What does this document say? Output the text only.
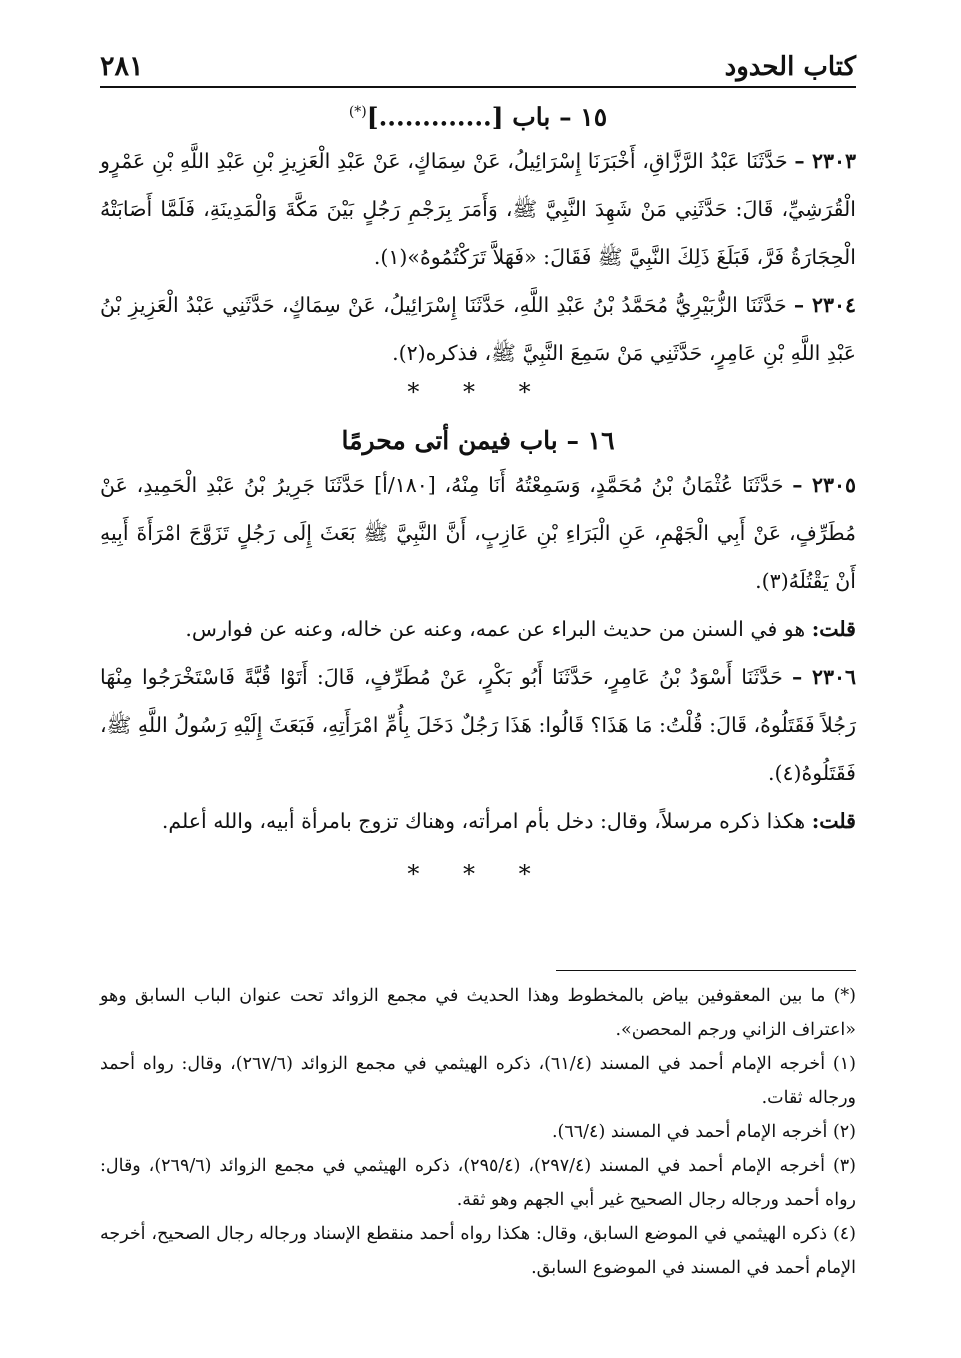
كتاب الحدود
٢٨١
١٥ – باب [.............](*)

٢٣٠٣ – حَدَّثَنَا عَبْدُ الرَّزَّاقِ، أَخْبَرَنَا إِسْرَائِيلُ، عَنْ سِمَاكٍ، عَنْ عَبْدِ الْعَزِيزِ بْنِ عَبْدِ اللَّهِ بْنِ عَمْرٍو الْقُرَشِيِّ، قَالَ: حَدَّثَنِي مَنْ شَهِدَ النَّبِيَّ ﷺ، وَأَمَرَ بِرَجْمِ رَجُلٍ بَيْنَ مَكَّةَ وَالْمَدِينَةِ، فَلَمَّا أَصَابَتْهُ الْحِجَارَةُ فَرَّ، فَبَلَغَ ذَلِكَ النَّبِيَّ ﷺ فَقَالَ: «فَهَلاَّ تَرَكْتُمُوهُ»(١).

٢٣٠٤ – حَدَّثَنَا الزُّبَيْرِيُّ مُحَمَّدُ بْنُ عَبْدِ اللَّهِ، حَدَّثَنَا إِسْرَائِيلُ، عَنْ سِمَاكٍ، حَدَّثَنِي عَبْدُ الْعَزِيزِ بْنُ عَبْدِ اللَّهِ بْنِ عَامِرٍ، حَدَّثَنِي مَنْ سَمِعَ النَّبِيَّ ﷺ، فذكره(٢).

* * *

١٦ – باب فيمن أتى محرمًا

٢٣٠٥ – حَدَّثَنَا عُثْمَانُ بْنُ مُحَمَّدٍ، وَسَمِعْتُهُ أَنَا مِنْهُ، [١٨٠/أ] حَدَّثَنَا جَرِيرُ بْنُ عَبْدِ الْحَمِيدِ، عَنْ مُطَرِّفٍ، عَنْ أَبِي الْجَهْمِ، عَنِ الْبَرَاءِ بْنِ عَازِبٍ، أَنَّ النَّبِيَّ ﷺ بَعَثَ إِلَى رَجُلٍ تَزَوَّجَ امْرَأَةَ أَبِيهِ أَنْ يَقْتُلَهُ(٣).

قلت: هو في السنن من حديث البراء عن عمه، وعنه عن خاله، وعنه عن فوارس.

٢٣٠٦ – حَدَّثَنَا أَسْوَدُ بْنُ عَامِرٍ، حَدَّثَنَا أَبُو بَكْرٍ، عَنْ مُطَرِّفٍ، قَالَ: أَتَوْا قُبَّةً فَاسْتَخْرَجُوا مِنْهَا رَجُلاً فَقَتَلُوهُ، قَالَ: قُلْتُ: مَا هَذَا؟ قَالُوا: هَذَا رَجُلٌ دَخَلَ بِأُمِّ امْرَأَتِهِ، فَبَعَثَ إِلَيْهِ رَسُولُ اللَّهِ ﷺ، فَقَتَلُوهُ(٤).

قلت: هكذا ذكره مرسلاً، وقال: دخل بأم امرأته، وهناك تزوج بامرأة أبيه، والله أعلم.

* * *

(*) ما بين المعقوفين بياض بالمخطوط وهذا الحديث في مجمع الزوائد تحت عنوان الباب السابق وهو «اعتراف الزاني ورجم المحصن».

(١) أخرجه الإمام أحمد في المسند (٦١/٤)، ذكره الهيثمي في مجمع الزوائد (٢٦٧/٦)، وقال: رواه أحمد ورجاله ثقات.

(٢) أخرجه الإمام أحمد في المسند (٦٦/٤).

(٣) أخرجه الإمام أحمد في المسند (٢٩٧/٤)، (٢٩٥/٤)، ذكره الهيثمي في مجمع الزوائد (٢٦٩/٦)، وقال: رواه أحمد ورجاله رجال الصحيح غير أبي الجهم وهو ثقة.

(٤) ذكره الهيثمي في الموضع السابق، وقال: هكذا رواه أحمد منقطع الإسناد ورجاله رجال الصحيح، أخرجه الإمام أحمد في المسند في الموضوع السابق.
